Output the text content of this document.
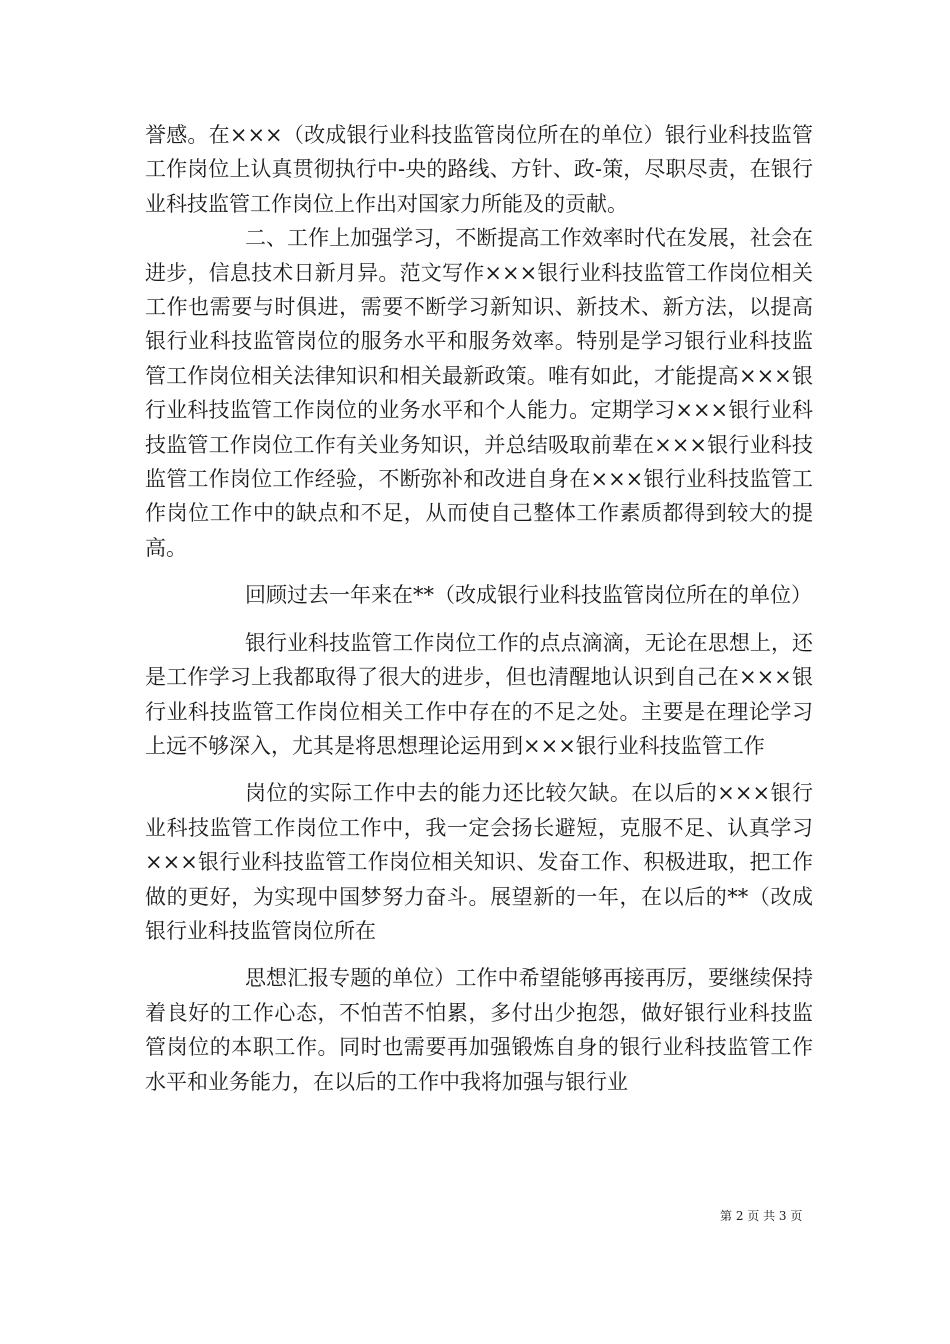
誉感。在×××（改成银行业科技监管岗位所在的单位）银行业科技监管工作岗位上认真贯彻执行中-央的路线、方针、政-策，尽职尽责，在银行业科技监管工作岗位上作出对国家力所能及的贡献。

二、工作上加强学习，不断提高工作效率时代在发展，社会在进步，信息技术日新月异。范文写作×××银行业科技监管工作岗位相关工作也需要与时俱进，需要不断学习新知识、新技术、新方法，以提高银行业科技监管岗位的服务水平和服务效率。特别是学习银行业科技监管工作岗位相关法律知识和相关最新政策。唯有如此，才能提高×××银行业科技监管工作岗位的业务水平和个人能力。定期学习×××银行业科技监管工作岗位工作有关业务知识，并总结吸取前辈在×××银行业科技监管工作岗位工作经验，不断弥补和改进自身在×××银行业科技监管工作岗位工作中的缺点和不足，从而使自己整体工作素质都得到较大的提高。

回顾过去一年来在**（改成银行业科技监管岗位所在的单位）

银行业科技监管工作岗位工作的点点滴滴，无论在思想上，还是工作学习上我都取得了很大的进步，但也清醒地认识到自己在×××银行业科技监管工作岗位相关工作中存在的不足之处。主要是在理论学习上远不够深入，尤其是将思想理论运用到×××银行业科技监管工作

岗位的实际工作中去的能力还比较欠缺。在以后的×××银行业科技监管工作岗位工作中，我一定会扬长避短，克服不足、认真学习×××银行业科技监管工作岗位相关知识、发奋工作、积极进取，把工作做的更好，为实现中国梦努力奋斗。展望新的一年，在以后的**（改成银行业科技监管岗位所在

思想汇报专题的单位）工作中希望能够再接再厉，要继续保持着良好的工作心态，不怕苦不怕累，多付出少抱怨，做好银行业科技监管岗位的本职工作。同时也需要再加强锻炼自身的银行业科技监管工作水平和业务能力，在以后的工作中我将加强与银行业

第 2 页 共 3 页
